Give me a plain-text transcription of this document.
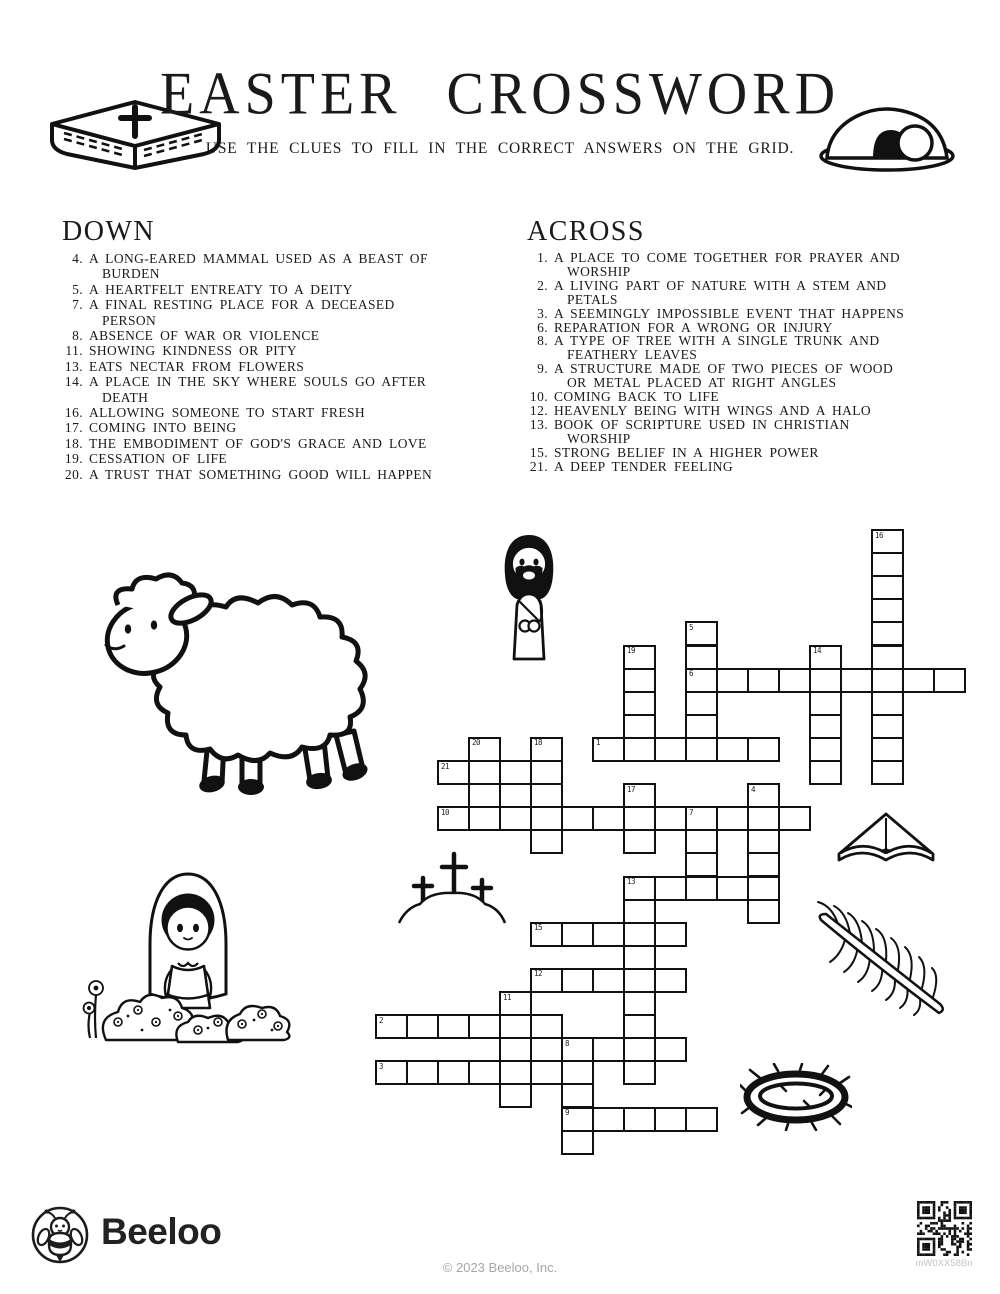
EASTER CROSSWORD
USE THE CLUES TO FILL IN THE CORRECT ANSWERS ON THE GRID.
DOWN
4. A LONG-EARED MAMMAL USED AS A BEAST OF BURDEN
5. A HEARTFELT ENTREATY TO A DEITY
7. A FINAL RESTING PLACE FOR A DECEASED PERSON
8. ABSENCE OF WAR OR VIOLENCE
11. SHOWING KINDNESS OR PITY
13. EATS NECTAR FROM FLOWERS
14. A PLACE IN THE SKY WHERE SOULS GO AFTER DEATH
16. ALLOWING SOMEONE TO START FRESH
17. COMING INTO BEING
18. THE EMBODIMENT OF GOD'S GRACE AND LOVE
19. CESSATION OF LIFE
20. A TRUST THAT SOMETHING GOOD WILL HAPPEN
ACROSS
1. A PLACE TO COME TOGETHER FOR PRAYER AND WORSHIP
2. A LIVING PART OF NATURE WITH A STEM AND PETALS
3. A SEEMINGLY IMPOSSIBLE EVENT THAT HAPPENS
6. REPARATION FOR A WRONG OR INJURY
8. A TYPE OF TREE WITH A SINGLE TRUNK AND FEATHERY LEAVES
9. A STRUCTURE MADE OF TWO PIECES OF WOOD OR METAL PLACED AT RIGHT ANGLES
10. COMING BACK TO LIFE
12. HEAVENLY BEING WITH WINGS AND A HALO
13. BOOK OF SCRIPTURE USED IN CHRISTIAN WORSHIP
15. STRONG BELIEF IN A HIGHER POWER
21. A DEEP TENDER FEELING
16
5
6
19	14
20	18	1
21
17	4
10	7
13
15
12
11
2
8
9
3
Beeloo
© 2023 Beeloo, Inc.	mW0XX58Bn
